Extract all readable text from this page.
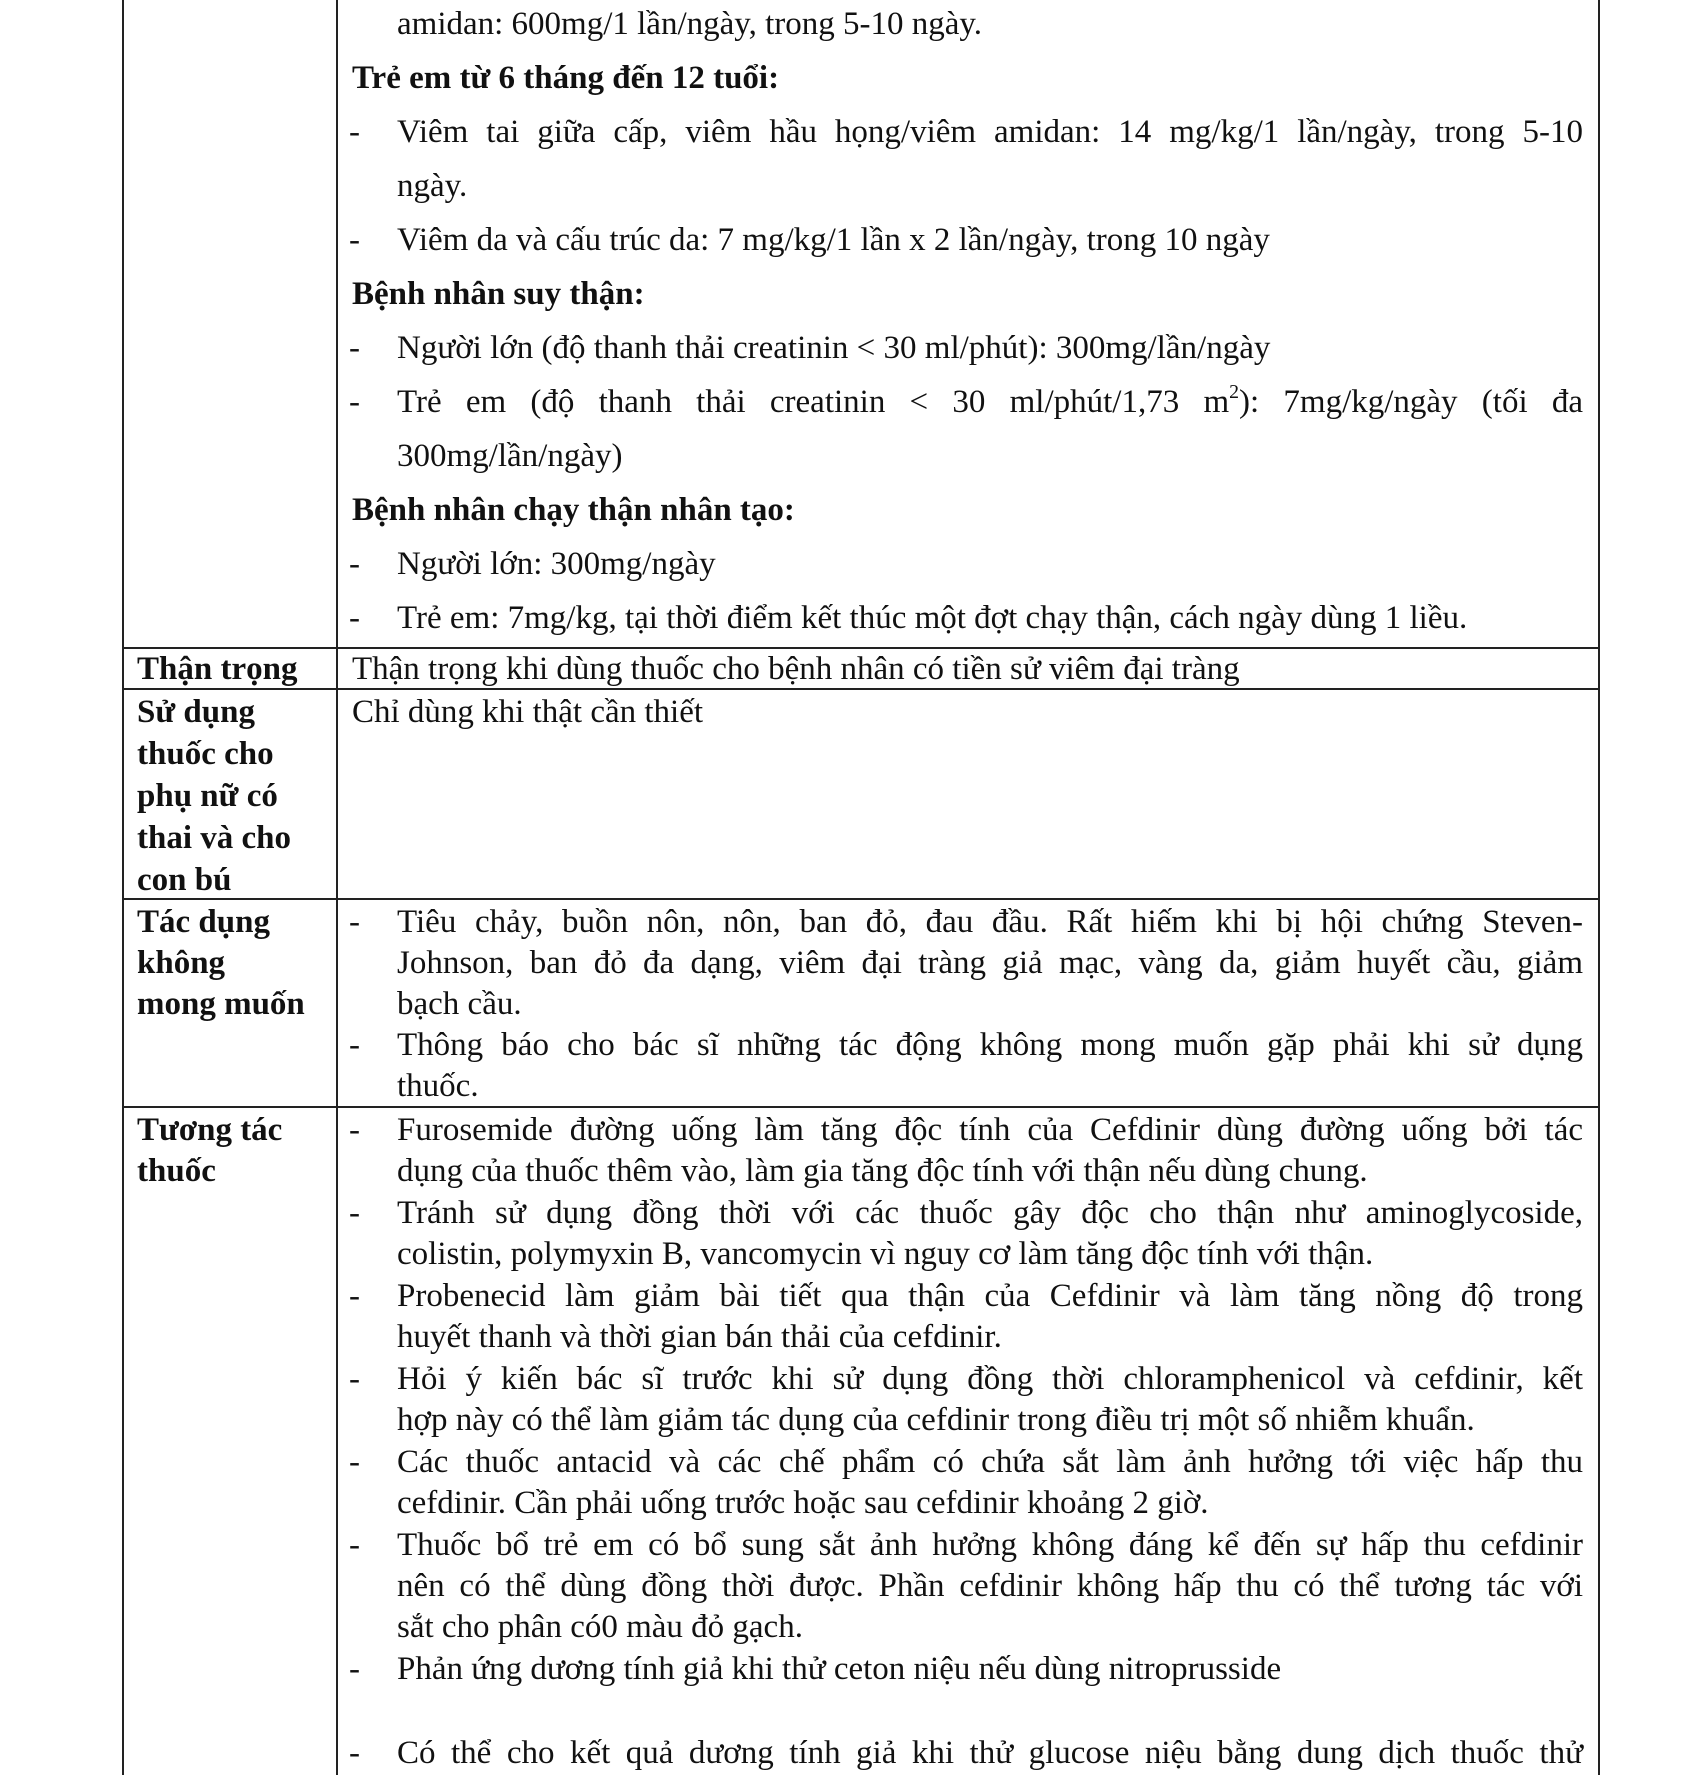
amidan: 600mg/1 lần/ngày, trong 5-10 ngày.
Trẻ em từ 6 tháng đến 12 tuổi:
- Viêm tai giữa cấp, viêm hầu họng/viêm amidan: 14 mg/kg/1 lần/ngày, trong 5-10
ngày.
- Viêm da và cấu trúc da: 7 mg/kg/1 lần x 2 lần/ngày, trong 10 ngày
Bệnh nhân suy thận:
- Người lớn (độ thanh thải creatinin < 30 ml/phút): 300mg/lần/ngày
- Trẻ em (độ thanh thải creatinin < 30 ml/phút/1,73 $m^2$): 7mg/kg/ngày (tối đa
300mg/lần/ngày)
Bệnh nhân chạy thận nhân tạo:
- Người lớn: 300mg/ngày
- Trẻ em: 7mg/kg, tại thời điểm kết thúc một đợt chạy thận, cách ngày dùng 1 liều.
Thận trọng Thận trọng khi dùng thuốc cho bệnh nhân có tiền sử viêm đại tràng
Sử dụng
thuốc cho
phụ nữ có
thai và cho
con bú
Chỉ dùng khi thật cần thiết
Tác dụng
không
mong muốn
- Tiêu chảy, buồn nôn, nôn, ban đỏ, đau đầu. Rất hiếm khi bị hội chứng Steven-
Johnson, ban đỏ đa dạng, viêm đại tràng giả mạc, vàng da, giảm huyết cầu, giảm
bạch cầu.
- Thông báo cho bác sĩ những tác động không mong muốn gặp phải khi sử dụng
thuốc.
Tương tác
thuốc
- Furosemide đường uống làm tăng độc tính của Cefdinir dùng đường uống bởi tác
dụng của thuốc thêm vào, làm gia tăng độc tính với thận nếu dùng chung.
- Tránh sử dụng đồng thời với các thuốc gây độc cho thận như aminoglycoside,
colistin, polymyxin B, vancomycin vì nguy cơ làm tăng độc tính với thận.
- Probenecid làm giảm bài tiết qua thận của Cefdinir và làm tăng nồng độ trong
huyết thanh và thời gian bán thải của cefdinir.
- Hỏi ý kiến bác sĩ trước khi sử dụng đồng thời chloramphenicol và cefdinir, kết
hợp này có thể làm giảm tác dụng của cefdinir trong điều trị một số nhiễm khuẩn.
- Các thuốc antacid và các chế phẩm có chứa sắt làm ảnh hưởng tới việc hấp thu
cefdinir. Cần phải uống trước hoặc sau cefdinir khoảng 2 giờ.
- Thuốc bổ trẻ em có bổ sung sắt ảnh hưởng không đáng kể đến sự hấp thu cefdinir
nên có thể dùng đồng thời được. Phần cefdinir không hấp thu có thể tương tác với
sắt cho phân có0 màu đỏ gạch.
- Phản ứng dương tính giả khi thử ceton niệu nếu dùng nitroprusside
- Có thể cho kết quả dương tính giả khi thử glucose niệu bằng dung dịch thuốc thử
